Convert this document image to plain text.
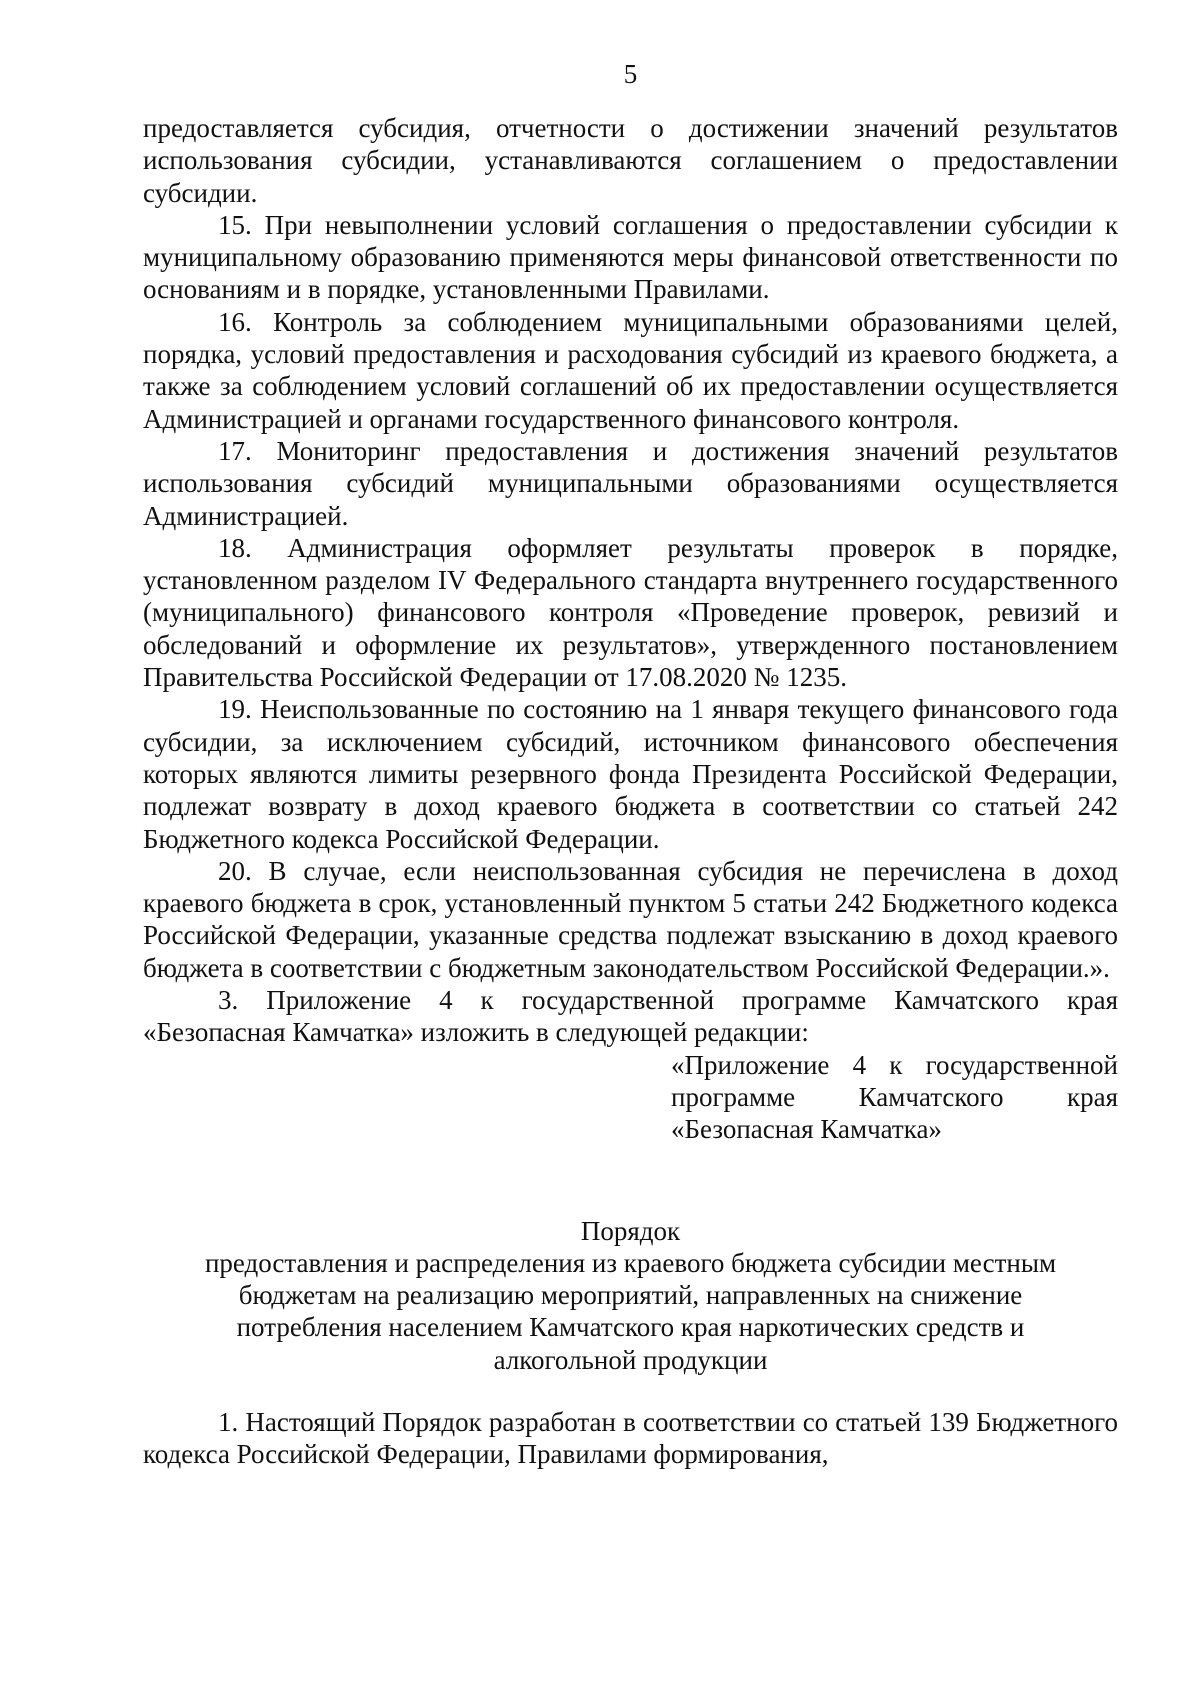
5

предоставляется субсидия, отчетности о достижении значений результатов использования субсидии, устанавливаются соглашением о предоставлении субсидии.

15. При невыполнении условий соглашения о предоставлении субсидии к муниципальному образованию применяются меры финансовой ответственности по основаниям и в порядке, установленными Правилами.

16. Контроль за соблюдением муниципальными образованиями целей, порядка, условий предоставления и расходования субсидий из краевого бюджета, а также за соблюдением условий соглашений об их предоставлении осуществляется Администрацией и органами государственного финансового контроля.

17. Мониторинг предоставления и достижения значений результатов использования субсидий муниципальными образованиями осуществляется Администрацией.

18. Администрация оформляет результаты проверок в порядке, установленном разделом IV Федерального стандарта внутреннего государственного (муниципального) финансового контроля «Проведение проверок, ревизий и обследований и оформление их результатов», утвержденного постановлением Правительства Российской Федерации от 17.08.2020 № 1235.

19. Неиспользованные по состоянию на 1 января текущего финансового года субсидии, за исключением субсидий, источником финансового обеспечения которых являются лимиты резервного фонда Президента Российской Федерации, подлежат возврату в доход краевого бюджета в соответствии со статьей 242 Бюджетного кодекса Российской Федерации.

20. В случае, если неиспользованная субсидия не перечислена в доход краевого бюджета в срок, установленный пунктом 5 статьи 242 Бюджетного кодекса Российской Федерации, указанные средства подлежат взысканию в доход краевого бюджета в соответствии с бюджетным законодательством Российской Федерации.».

3. Приложение 4 к государственной программе Камчатского края «Безопасная Камчатка» изложить в следующей редакции:

«Приложение 4 к государственной программе Камчатского края «Безопасная Камчатка»

Порядок

предоставления и распределения из краевого бюджета субсидии местным бюджетам на реализацию мероприятий, направленных на снижение потребления населением Камчатского края наркотических средств и алкогольной продукции

1. Настоящий Порядок разработан в соответствии со статьей 139 Бюджетного кодекса Российской Федерации, Правилами формирования,
